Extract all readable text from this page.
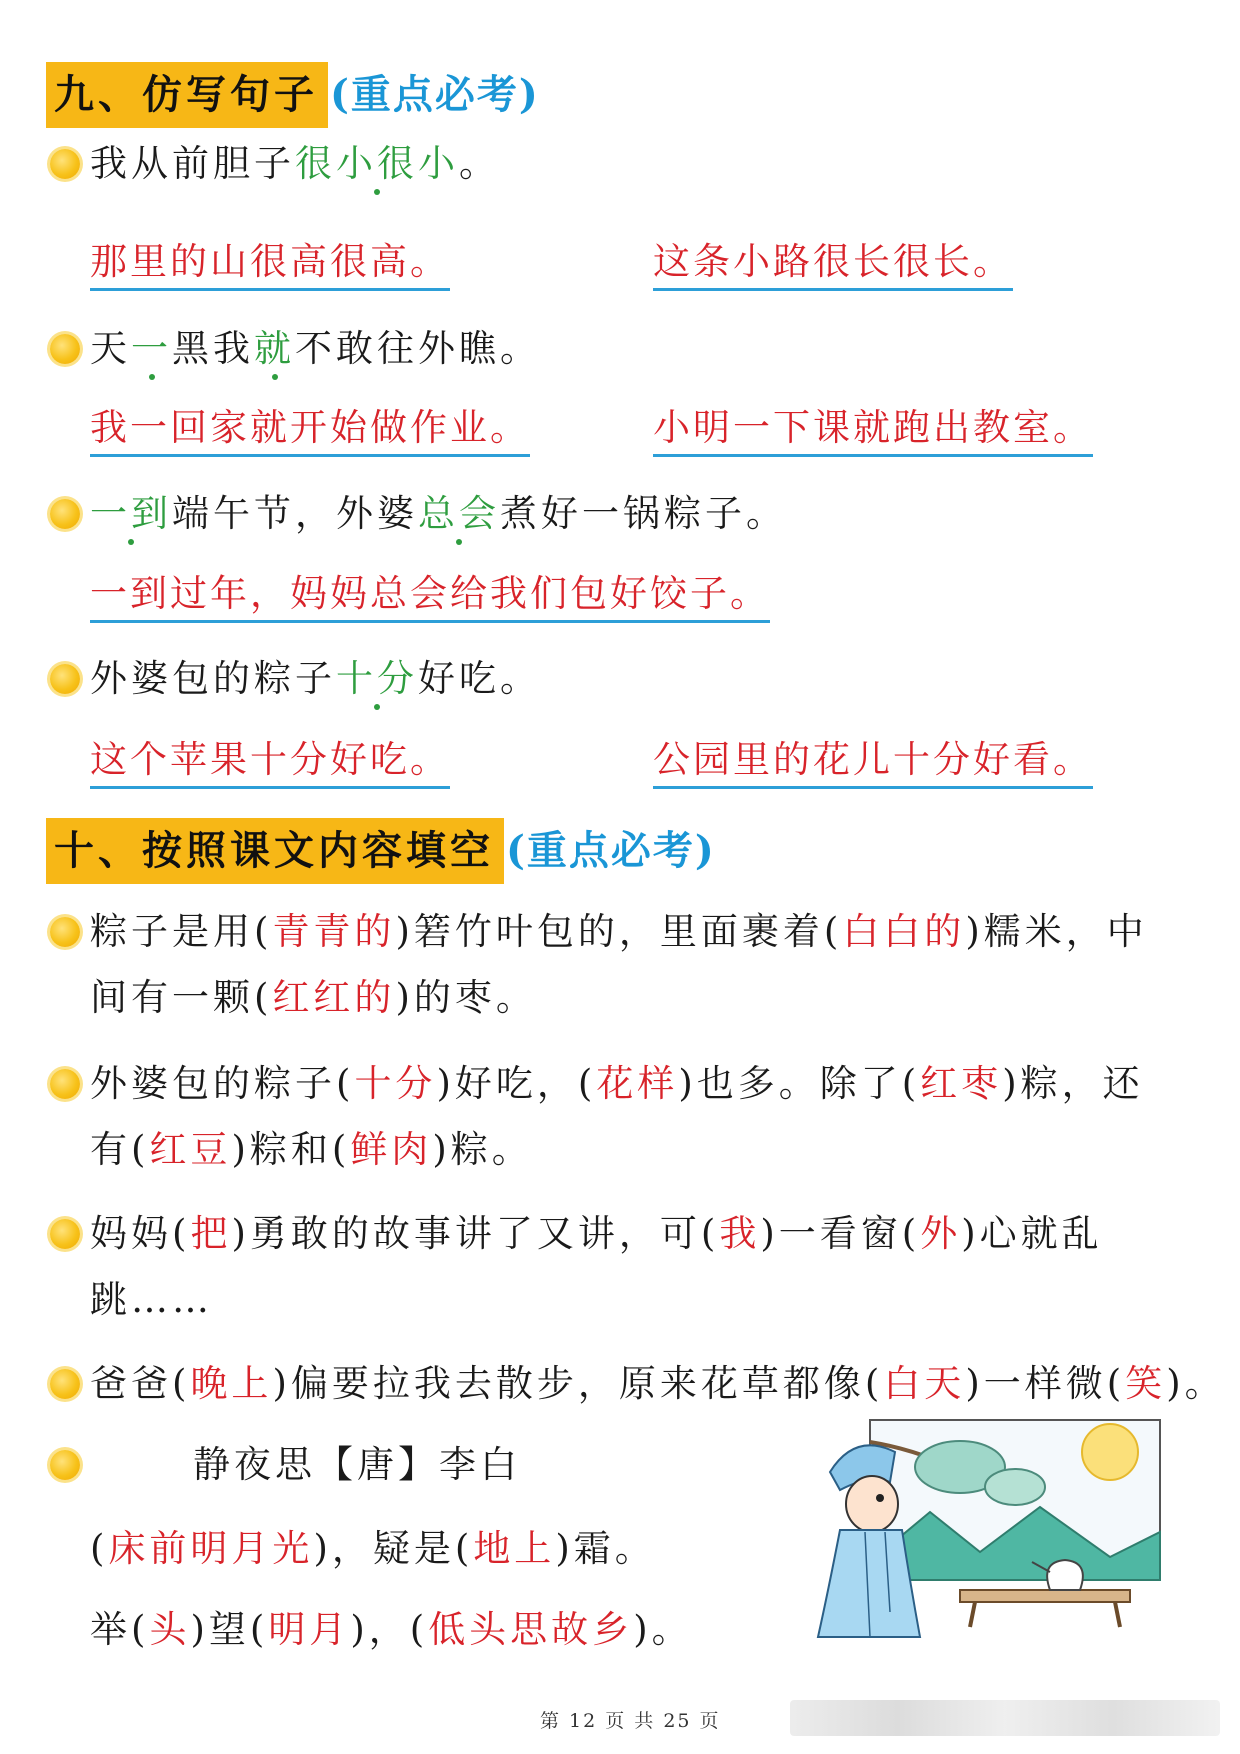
九、仿写句子 (重点必考)
我从前胆子很小很小。
那里的山很高很高。	这条小路很长很长。
天一黑我就不敢往外瞧。
我一回家就开始做作业。	小明一下课就跑出教室。
一到端午节，外婆总会煮好一锅粽子。
一到过年，妈妈总会给我们包好饺子。
外婆包的粽子十分好吃。
这个苹果十分好吃。	公园里的花儿十分好看。
十、按照课文内容填空 (重点必考)
粽子是用(青青的)箬竹叶包的，里面裹着(白白的)糯米，中
间有一颗(红红的)的枣。
外婆包的粽子(十分)好吃，(花样)也多。除了(红枣)粽，还
有(红豆)粽和(鲜肉)粽。
妈妈(把)勇敢的故事讲了又讲，可(我)一看窗(外)心就乱
跳……
爸爸(晚上)偏要拉我去散步，原来花草都像(白天)一样微(笑)。
静夜思【唐】李白
(床前明月光)，疑是(地上)霜。
举(头)望(明月)，(低头思故乡)。
第 12 页 共 25 页
